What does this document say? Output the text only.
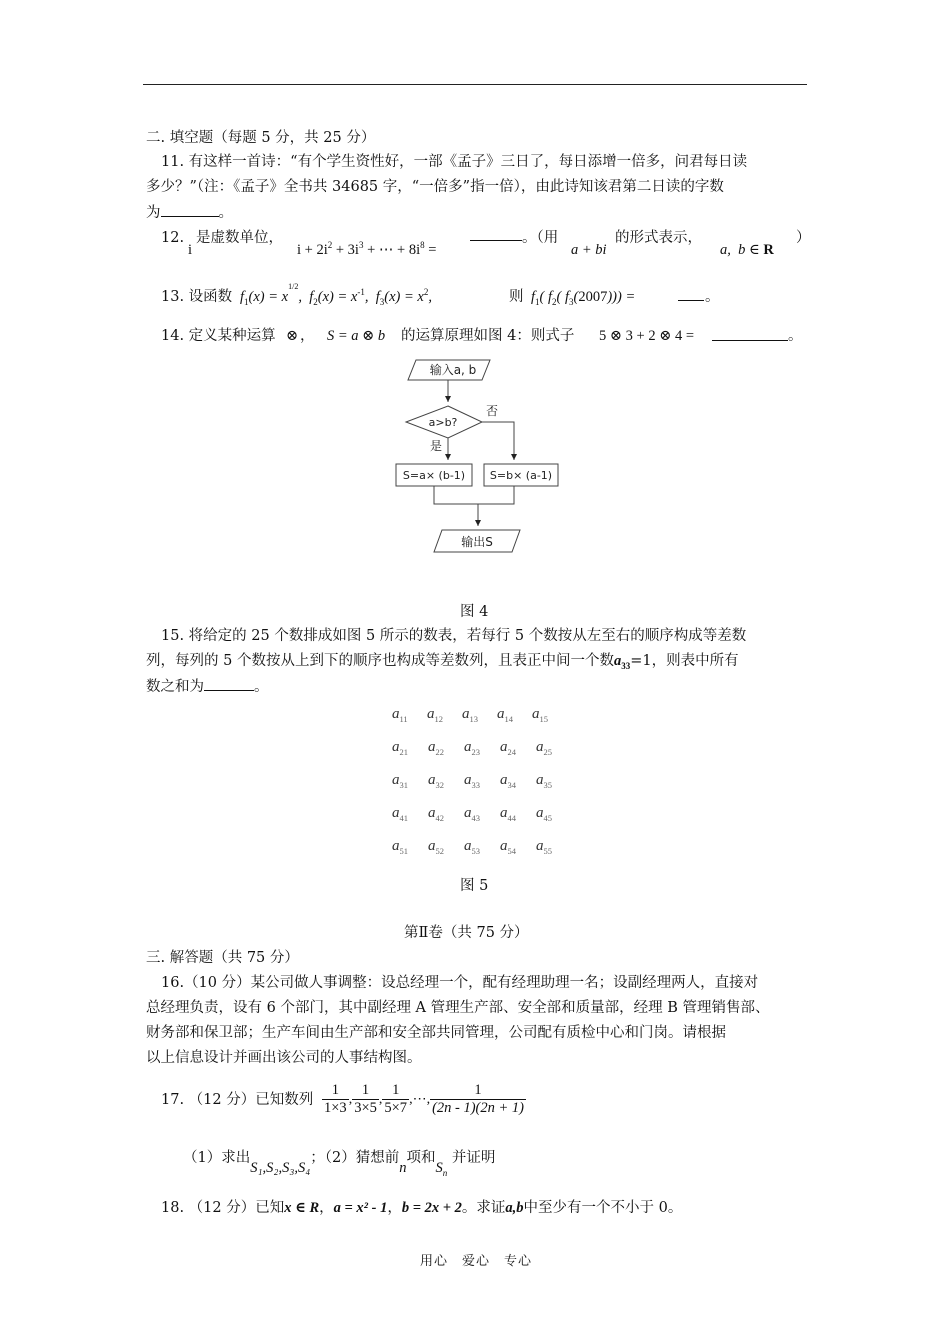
二. 填空题（每题 5 分，共 25 分）
11. 有这样一首诗：“有个学生资性好，一部《孟子》三日了，每日添增一倍多，问君每日读
多少？”（注：《孟子》全书共 34685 字，“一倍多”指一倍），由此诗知该君第二日读的字数
为	。
12.
i
是虚数单位，
$i + 2i^2 + 3i^3$ + ⋯ + $8i^8$ =
。（用
a + bi
的形式表示，
a,  b ∈ R
）
13. 设函数 $f_1(x) = x^{1/2}$,  $f_2(x) = x^{-1}$,  $f_3(x) = x^2$,	则 $f_1$( $f_2$( $f_3(2007)$)) =	。
14. 定义某种运算 ⊗ ， S = a ⊗ b 的运算原理如图 4：则式子 5 ⊗ 3 + 2 ⊗ 4 =	。
输入a, b
a>b?
否
是
S=a× (b-1) S=b× (a-1)
输出S
图 4
15. 将给定的 25 个数排成如图 5 所示的数表，若每行 5 个数按从左至右的顺序构成等差数
列，每列的 5 个数按从上到下的顺序也构成等差数列，且表正中间一个数$a_{33}=1$，则表中所有
数之和为	。
$a_{11}$ $a_{12}$ $a_{13}$ $a_{14}$ $a_{15}$
$a_{21}$ $a_{22}$ $a_{23}$ $a_{24}$ $a_{25}$
$a_{31}$ $a_{32}$ $a_{33}$ $a_{34}$ $a_{35}$
$a_{41}$ $a_{42}$ $a_{43}$ $a_{44}$ $a_{45}$
$a_{51}$ $a_{52}$ $a_{53}$ $a_{54}$ $a_{55}$
图 5
第Ⅱ卷（共 75 分）
三. 解答题（共 75 分）
16.（10 分）某公司做人事调整：设总经理一个，配有经理助理一名；设副经理两人，直接对
总经理负责，设有 6 个部门，其中副经理 A 管理生产部、安全部和质量部，经理 B 管理销售部、
财务部和保卫部；生产车间由生产部和安全部共同管理，公司配有质检中心和门岗。请根据
以上信息设计并画出该公司的人事结构图。
17. （12 分）已知数列 $\frac{1}{1\times 3}$ , $\frac{1}{3\times 5}$ , $\frac{1}{5\times 7}$ ,⋯, $\frac{1}{(2n - 1)(2n + 1)}$
（1）求出S₁,S₂,S₃,S₄；（2）猜想前n项和$S_n$ 并证明
18. （12 分）已知x ∈ R，a = x² - 1，b = 2x + 2。求证a,b中至少有一个不小于 0。
用心　爱心　专心
